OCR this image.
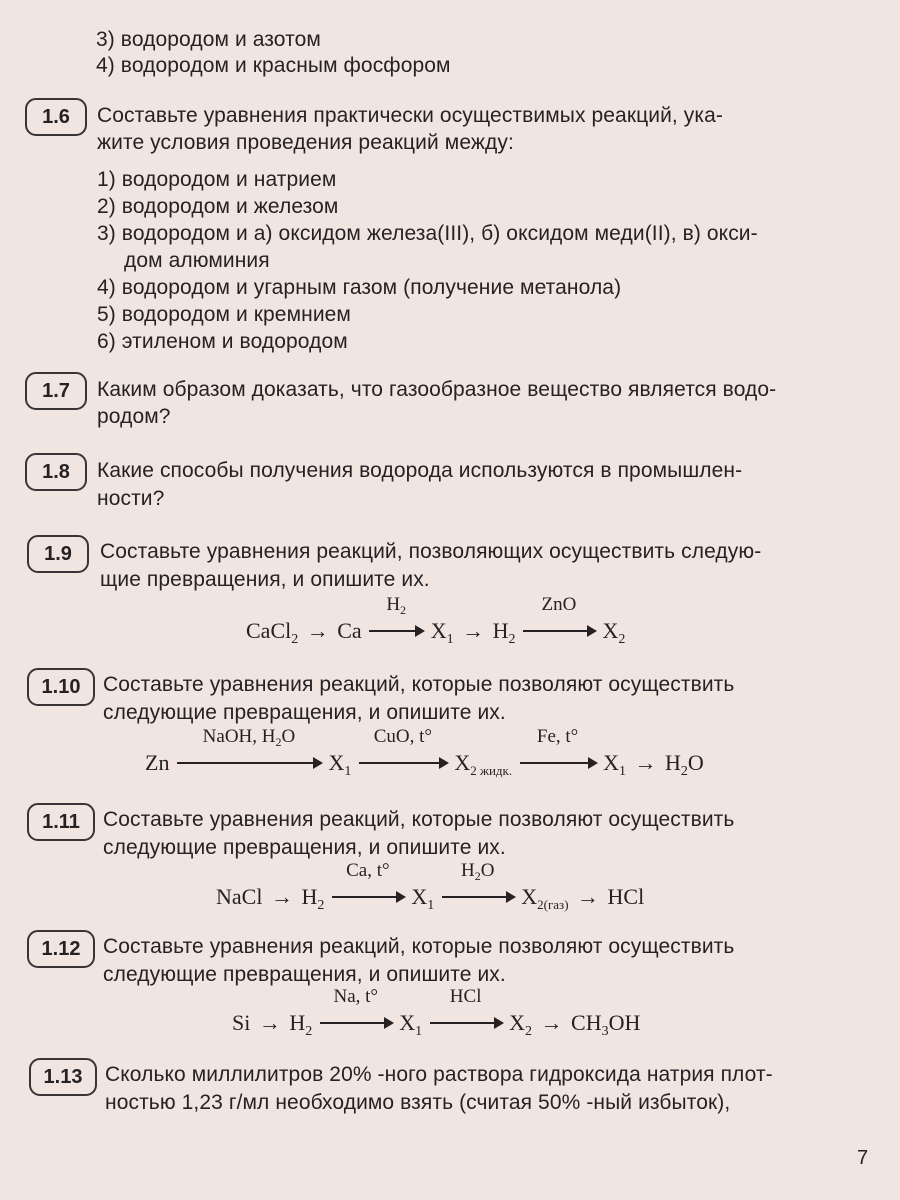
3) водородом и азотом
4) водородом и красным фосфором
1.6	Составьте уравнения практически осуществимых реакций, ука-
жите условия проведения реакций между:
1) водородом и натрием
2) водородом и железом
3) водородом и а) оксидом железа(III), б) оксидом меди(II), в) окси-
дом алюминия
4) водородом и угарным газом (получение метанола)
5) водородом и кремнием
6) этиленом и водородом
1.7	Каким образом доказать, что газообразное вещество является водо-
родом?
1.8	Какие способы получения водорода используются в промышлен-
ности?
1.9	Составьте уравнения реакций, позволяющих осуществить следую-
щие превращения, и опишите их.
CaCl$_2$ → Ca
$H_2$
$X_1 \to H_2$
ZnO
$X_2$
1.10	Составьте уравнения реакций, которые позволяют осуществить
следующие превращения, и опишите их.
Zn
NaOH, $H_2O$
$X_1$
CuO, t°
$X_{2 жидк.}$
Fe, t°
$X_1 \to H_2O$
1.11	Составьте уравнения реакций, которые позволяют осуществить
следующие превращения, и опишите их.
NaCl → $H_2$
Ca, t°
$X_1$
$H_2O$
$X_{2(газ)}$ → HCl
1.12	Составьте уравнения реакций, которые позволяют осуществить
следующие превращения, и опишите их.
$Si \to H_2$
Na, t°
$X_1$
HCl
$X_2 \to CH_3OH$
1.13	Сколько миллилитров 20% -ного раствора гидроксида натрия плот-
ностью 1,23 г/мл необходимо взять (считая 50% -ный избыток),
7
